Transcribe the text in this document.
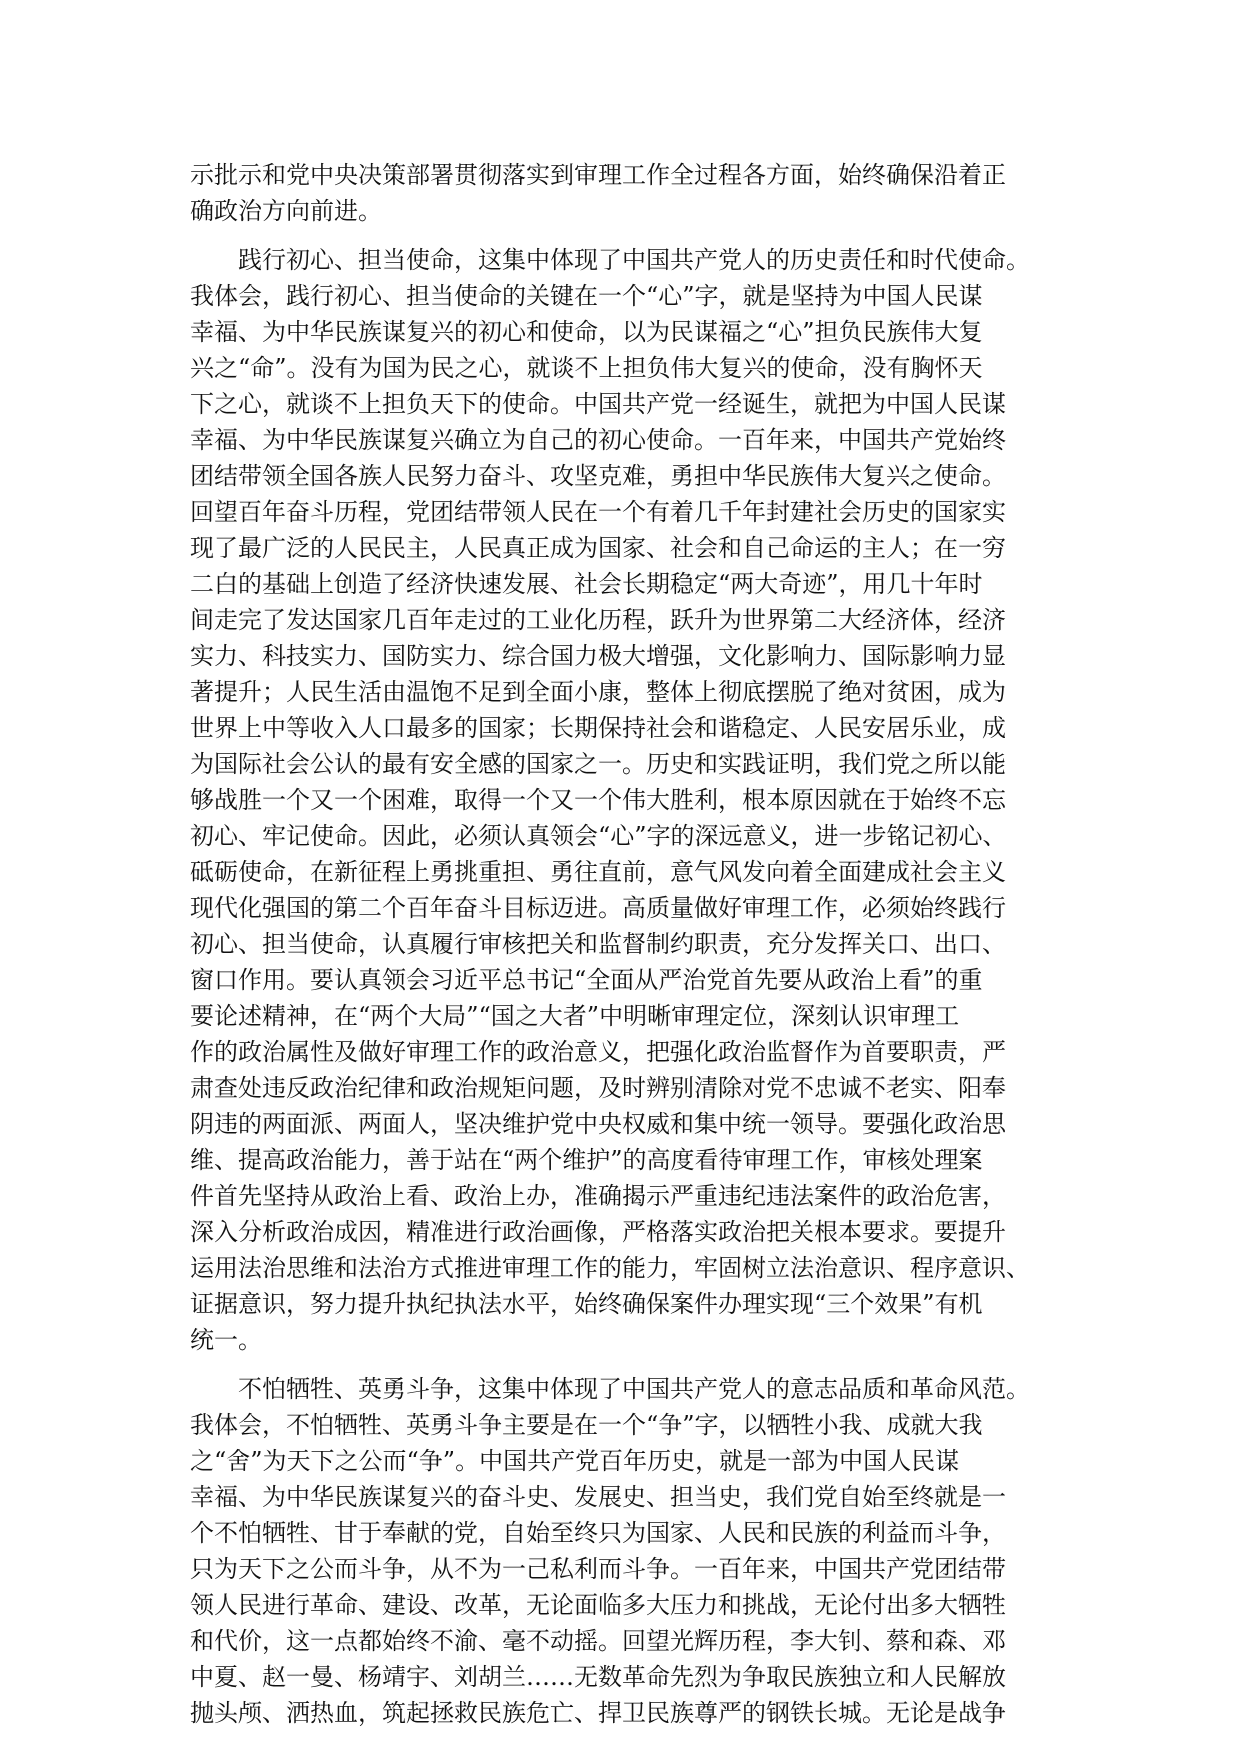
示批示和党中央决策部署贯彻落实到审理工作全过程各方面，始终确保沿着正
确政治方向前进。
践行初心、担当使命，这集中体现了中国共产党人的历史责任和时代使命。
我体会，践行初心、担当使命的关键在一个“心”字，就是坚持为中国人民谋
幸福、为中华民族谋复兴的初心和使命，以为民谋福之“心”担负民族伟大复
兴之“命”。没有为国为民之心，就谈不上担负伟大复兴的使命，没有胸怀天
下之心，就谈不上担负天下的使命。中国共产党一经诞生，就把为中国人民谋
幸福、为中华民族谋复兴确立为自己的初心使命。一百年来，中国共产党始终
团结带领全国各族人民努力奋斗、攻坚克难，勇担中华民族伟大复兴之使命。
回望百年奋斗历程，党团结带领人民在一个有着几千年封建社会历史的国家实
现了最广泛的人民民主，人民真正成为国家、社会和自己命运的主人；在一穷
二白的基础上创造了经济快速发展、社会长期稳定“两大奇迹”，用几十年时
间走完了发达国家几百年走过的工业化历程，跃升为世界第二大经济体，经济
实力、科技实力、国防实力、综合国力极大增强，文化影响力、国际影响力显
著提升；人民生活由温饱不足到全面小康，整体上彻底摆脱了绝对贫困，成为
世界上中等收入人口最多的国家；长期保持社会和谐稳定、人民安居乐业，成
为国际社会公认的最有安全感的国家之一。历史和实践证明，我们党之所以能
够战胜一个又一个困难，取得一个又一个伟大胜利，根本原因就在于始终不忘
初心、牢记使命。因此，必须认真领会“心”字的深远意义，进一步铭记初心、
砥砺使命，在新征程上勇挑重担、勇往直前，意气风发向着全面建成社会主义
现代化强国的第二个百年奋斗目标迈进。高质量做好审理工作，必须始终践行
初心、担当使命，认真履行审核把关和监督制约职责，充分发挥关口、出口、
窗口作用。要认真领会习近平总书记“全面从严治党首先要从政治上看”的重
要论述精神，在“两个大局”“国之大者”中明晰审理定位，深刻认识审理工
作的政治属性及做好审理工作的政治意义，把强化政治监督作为首要职责，严
肃查处违反政治纪律和政治规矩问题，及时辨别清除对党不忠诚不老实、阳奉
阴违的两面派、两面人，坚决维护党中央权威和集中统一领导。要强化政治思
维、提高政治能力，善于站在“两个维护”的高度看待审理工作，审核处理案
件首先坚持从政治上看、政治上办，准确揭示严重违纪违法案件的政治危害，
深入分析政治成因，精准进行政治画像，严格落实政治把关根本要求。要提升
运用法治思维和法治方式推进审理工作的能力，牢固树立法治意识、程序意识、
证据意识，努力提升执纪执法水平，始终确保案件办理实现“三个效果”有机
统一。
不怕牺牲、英勇斗争，这集中体现了中国共产党人的意志品质和革命风范。
我体会，不怕牺牲、英勇斗争主要是在一个“争”字，以牺牲小我、成就大我
之“舍”为天下之公而“争”。中国共产党百年历史，就是一部为中国人民谋
幸福、为中华民族谋复兴的奋斗史、发展史、担当史，我们党自始至终就是一
个不怕牺牲、甘于奉献的党，自始至终只为国家、人民和民族的利益而斗争，
只为天下之公而斗争，从不为一己私利而斗争。一百年来，中国共产党团结带
领人民进行革命、建设、改革，无论面临多大压力和挑战，无论付出多大牺牲
和代价，这一点都始终不渝、毫不动摇。回望光辉历程，李大钊、蔡和森、邓
中夏、赵一曼、杨靖宇、刘胡兰……无数革命先烈为争取民族独立和人民解放
抛头颅、洒热血，筑起拯救民族危亡、捍卫民族尊严的钢铁长城。无论是战争
